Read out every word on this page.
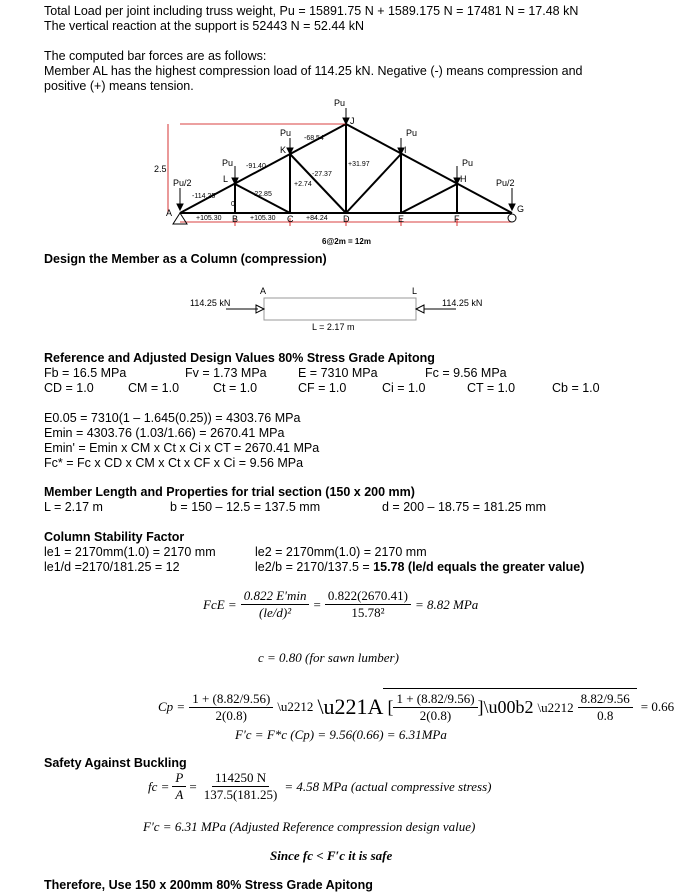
Total Load per joint including truss weight, Pu = 15891.75 N + 1589.175 N = 17481 N = 17.48 kN
The vertical reaction at the support is 52443 N = 52.44 kN
The computed bar forces are as follows:
Member AL has the highest compression load of 114.25 kN. Negative (-) means compression and
positive (+) means tension.
2.5
Pu/2
Pu
Pu
Pu
Pu
Pu
Pu/2
A
L
K
J
I
H
G
B	C	D	E	F
-114.25
-91.40
-68.54
-22.85
+2.74
-27.37
+31.97
0
+105.30	+105.30	+84.24
6@2m = 12m
Design the Member as a Column (compression)
114.25 kN	114.25 kN
A	L
L = 2.17 m
Reference and Adjusted Design Values 80% Stress Grade Apitong
Fb = 16.5 MPa	Fv = 1.73 MPa	E = 7310 MPa	Fc = 9.56 MPa
CD = 1.0	CM = 1.0	Ct = 1.0	CF = 1.0	Ci = 1.0	CT = 1.0	Cb = 1.0
E0.05 = 7310(1 – 1.645(0.25)) = 4303.76 MPa
Emin = 4303.76 (1.03/1.66) = 2670.41 MPa
Emin' = Emin x CM x Ct x Ci x CT = 2670.41 MPa
Fc* = Fc x CD x CM x Ct x CF x Ci = 9.56 MPa
Member Length and Properties for trial section (150 x 200 mm)
L = 2.17 m	b = 150 – 12.5 = 137.5 mm	d = 200 – 18.75 = 181.25 mm
Column Stability Factor
le1 = 2170mm(1.0) = 2170 mm	le2 = 2170mm(1.0) = 2170 mm
le1/d =2170/181.25 = 12	le2/b = 2170/137.5 = 15.78 (le/d equals the greater value)
FcE = $\frac{0.822 E'\min}{\text{(le/d)²}} = \frac{0.822(2670.41)}{\text{15.78²}} = 8.82$ MPa
c = 0.80 (for sawn lumber)
$Cp = \frac{1 + (8.82/9.56)}{2(0.8)}$ \u2212 \u221A [ $\frac{1 + (8.82/9.56)}{2(0.8)}$ ]\u00b2 \u2212 $\frac{8.82/9.56}{0.8} = 0.66$
F′c = F*c (Cp) = 9.56(0.66) = 6.31MPa
Safety Against Buckling
fc = $\frac{P}{A} = \frac{114250 N}{137.5(181.25)} = 4.58$ MPa (actual compressive stress)
F′c = 6.31 MPa (Adjusted Reference compression design value)
Since fc < F′c it is safe
Therefore, Use 150 x 200mm 80% Stress Grade Apitong
